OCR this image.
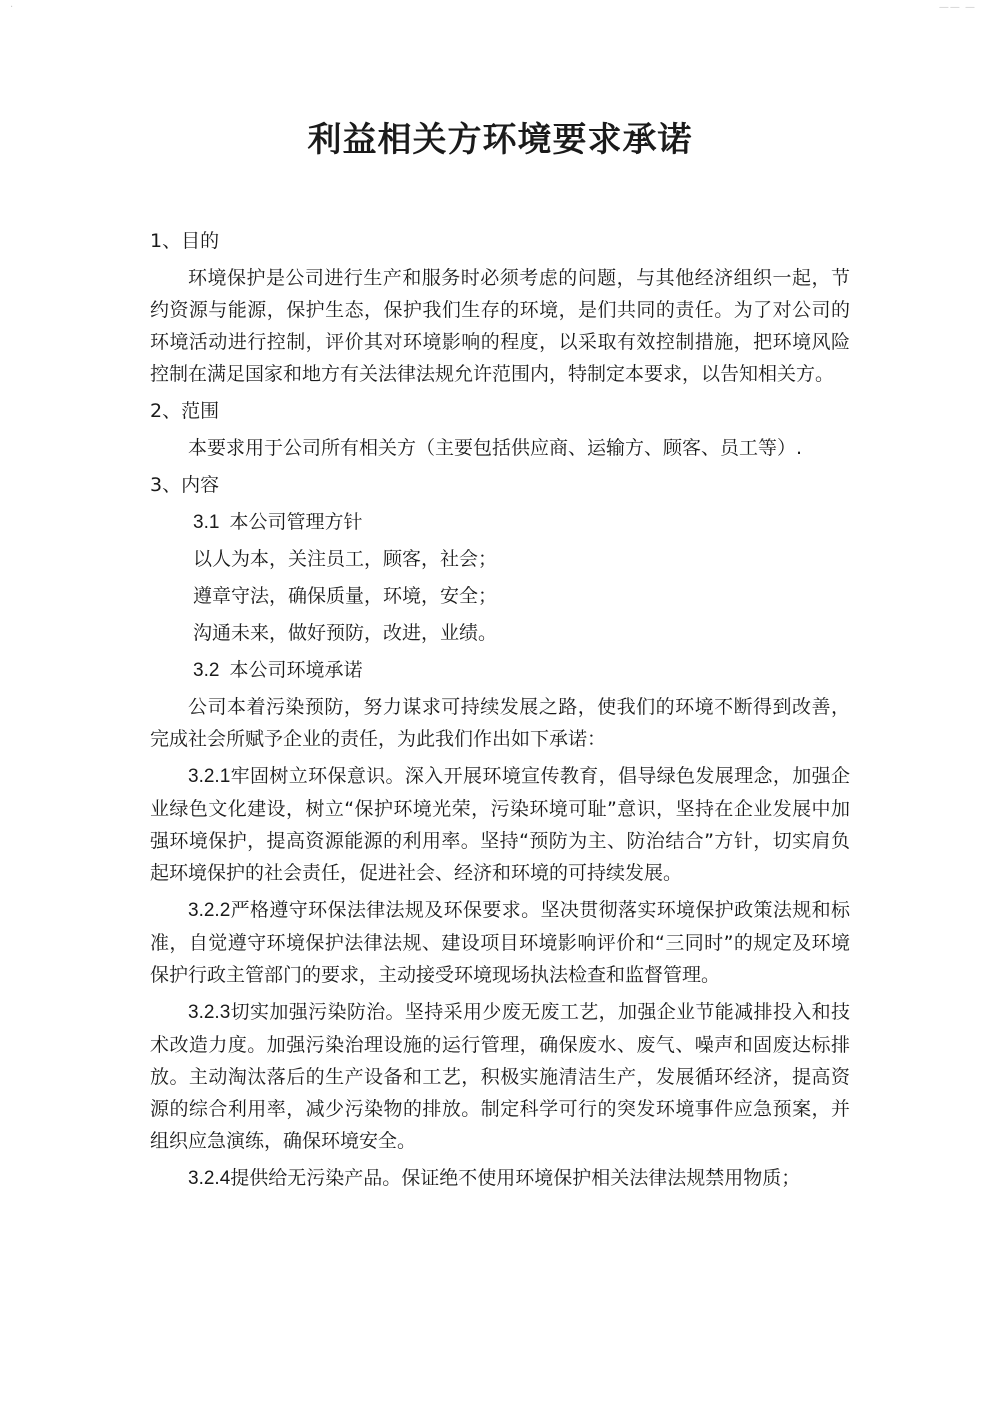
·	—— —
利益相关方环境要求承诺
1、目的
环境保护是公司进行生产和服务时必须考虑的问题，与其他经济组织一起，节约资源与能源，保护生态，保护我们生存的环境，是们共同的责任。为了对公司的环境活动进行控制，评价其对环境影响的程度，以采取有效控制措施，把环境风险控制在满足国家和地方有关法律法规允许范围内，特制定本要求，以告知相关方。
2、范围
本要求用于公司所有相关方（主要包括供应商、运输方、顾客、员工等）.
3、内容
3.1 本公司管理方针
以人为本，关注员工，顾客，社会；
遵章守法，确保质量，环境，安全；
沟通未来，做好预防，改进，业绩。
3.2 本公司环境承诺
公司本着污染预防，努力谋求可持续发展之路，使我们的环境不断得到改善，完成社会所赋予企业的责任，为此我们作出如下承诺：
3.2.1牢固树立环保意识。深入开展环境宣传教育，倡导绿色发展理念，加强企业绿色文化建设，树立“保护环境光荣，污染环境可耻”意识，坚持在企业发展中加强环境保护，提高资源能源的利用率。坚持“预防为主、防治结合”方针，切实肩负起环境保护的社会责任，促进社会、经济和环境的可持续发展。
3.2.2严格遵守环保法律法规及环保要求。坚决贯彻落实环境保护政策法规和标准，自觉遵守环境保护法律法规、建设项目环境影响评价和“三同时”的规定及环境保护行政主管部门的要求，主动接受环境现场执法检查和监督管理。
3.2.3切实加强污染防治。坚持采用少废无废工艺，加强企业节能减排投入和技术改造力度。加强污染治理设施的运行管理，确保废水、废气、噪声和固废达标排放。主动淘汰落后的生产设备和工艺，积极实施清洁生产，发展循环经济，提高资源的综合利用率，减少污染物的排放。制定科学可行的突发环境事件应急预案，并组织应急演练，确保环境安全。
3.2.4提供给无污染产品。保证绝不使用环境保护相关法律法规禁用物质；
